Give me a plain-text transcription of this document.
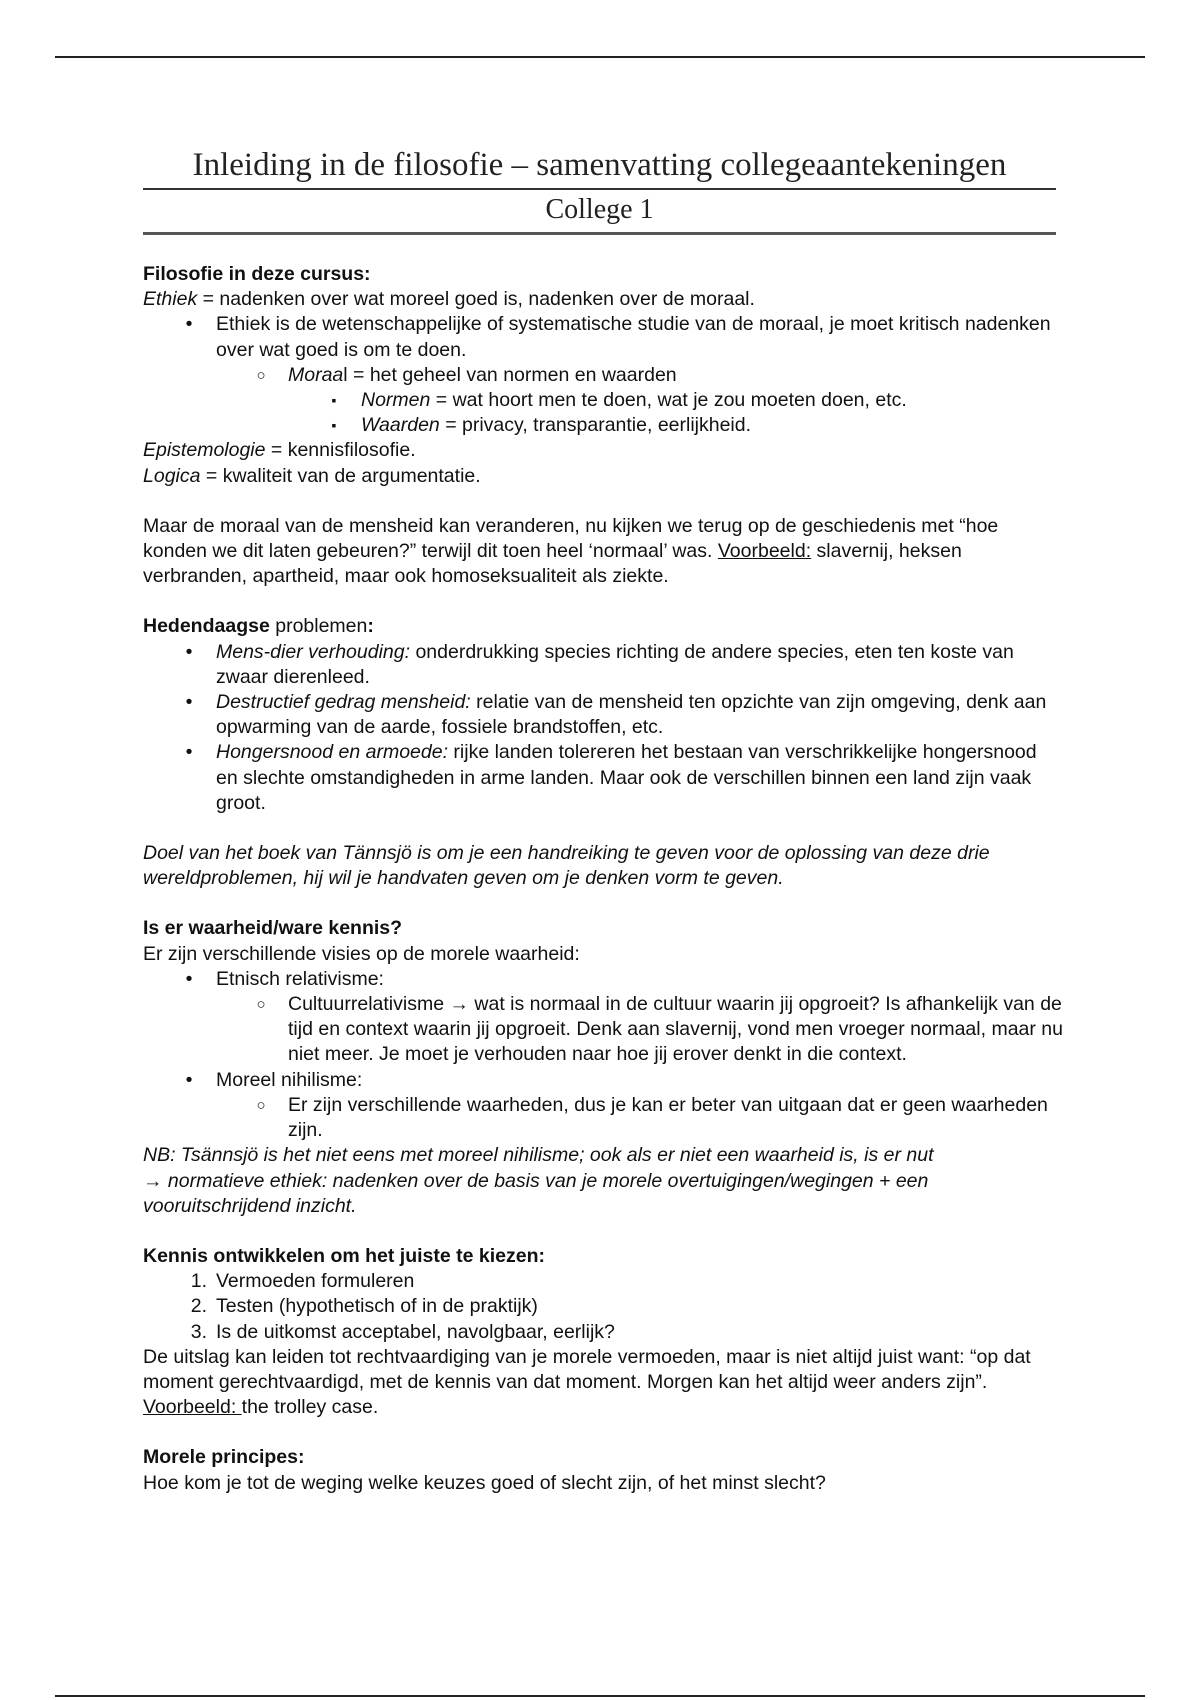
Inleiding in de filosofie – samenvatting collegeaantekeningen
College 1

Filosofie in deze cursus:

Ethiek = nadenken over wat moreel goed is, nadenken over de moraal.

•	Ethiek is de wetenschappelijke of systematische studie van de moraal, je moet kritisch nadenken over wat goed is om te doen.
○ Moraal = het geheel van normen en waarden
▪	Normen = wat hoort men te doen, wat je zou moeten doen, etc.
▪	Waarden = privacy, transparantie, eerlijkheid.

Epistemologie = kennisfilosofie.

Logica = kwaliteit van de argumentatie.

Maar de moraal van de mensheid kan veranderen, nu kijken we terug op de geschiedenis met “hoe konden we dit laten gebeuren?” terwijl dit toen heel ‘normaal’ was. Voorbeeld: slavernij, heksen verbranden, apartheid, maar ook homoseksualiteit als ziekte.

Hedendaagse problemen:

•	Mens-dier verhouding: onderdrukking species richting de andere species, eten ten koste van zwaar dierenleed.
•	Destructief gedrag mensheid: relatie van de mensheid ten opzichte van zijn omgeving, denk aan opwarming van de aarde, fossiele brandstoffen, etc.
•	Hongersnood en armoede: rijke landen tolereren het bestaan van verschrikkelijke hongersnood en slechte omstandigheden in arme landen. Maar ook de verschillen binnen een land zijn vaak groot.

Doel van het boek van Tännsjö is om je een handreiking te geven voor de oplossing van deze drie wereldproblemen, hij wil je handvaten geven om je denken vorm te geven.

Is er waarheid/ware kennis?

Er zijn verschillende visies op de morele waarheid:

•	Etnisch relativisme:
○ Cultuurrelativisme → wat is normaal in de cultuur waarin jij opgroeit? Is afhankelijk van de tijd en context waarin jij opgroeit. Denk aan slavernij, vond men vroeger normaal, maar nu niet meer. Je moet je verhouden naar hoe jij erover denkt in die context.
•	Moreel nihilisme:
○ Er zijn verschillende waarheden, dus je kan er beter van uitgaan dat er geen waarheden zijn.

NB: Tsännsjö is het niet eens met moreel nihilisme; ook als er niet een waarheid is, is er nut
→ normatieve ethiek: nadenken over de basis van je morele overtuigingen/wegingen + een vooruitschrijdend inzicht.

Kennis ontwikkelen om het juiste te kiezen:

1. Vermoeden formuleren
2. Testen (hypothetisch of in de praktijk)
3. Is de uitkomst acceptabel, navolgbaar, eerlijk?

De uitslag kan leiden tot rechtvaardiging van je morele vermoeden, maar is niet altijd juist want: “op dat moment gerechtvaardigd, met de kennis van dat moment. Morgen kan het altijd weer anders zijn”. Voorbeeld: the trolley case.

Morele principes:

Hoe kom je tot de weging welke keuzes goed of slecht zijn, of het minst slecht?
